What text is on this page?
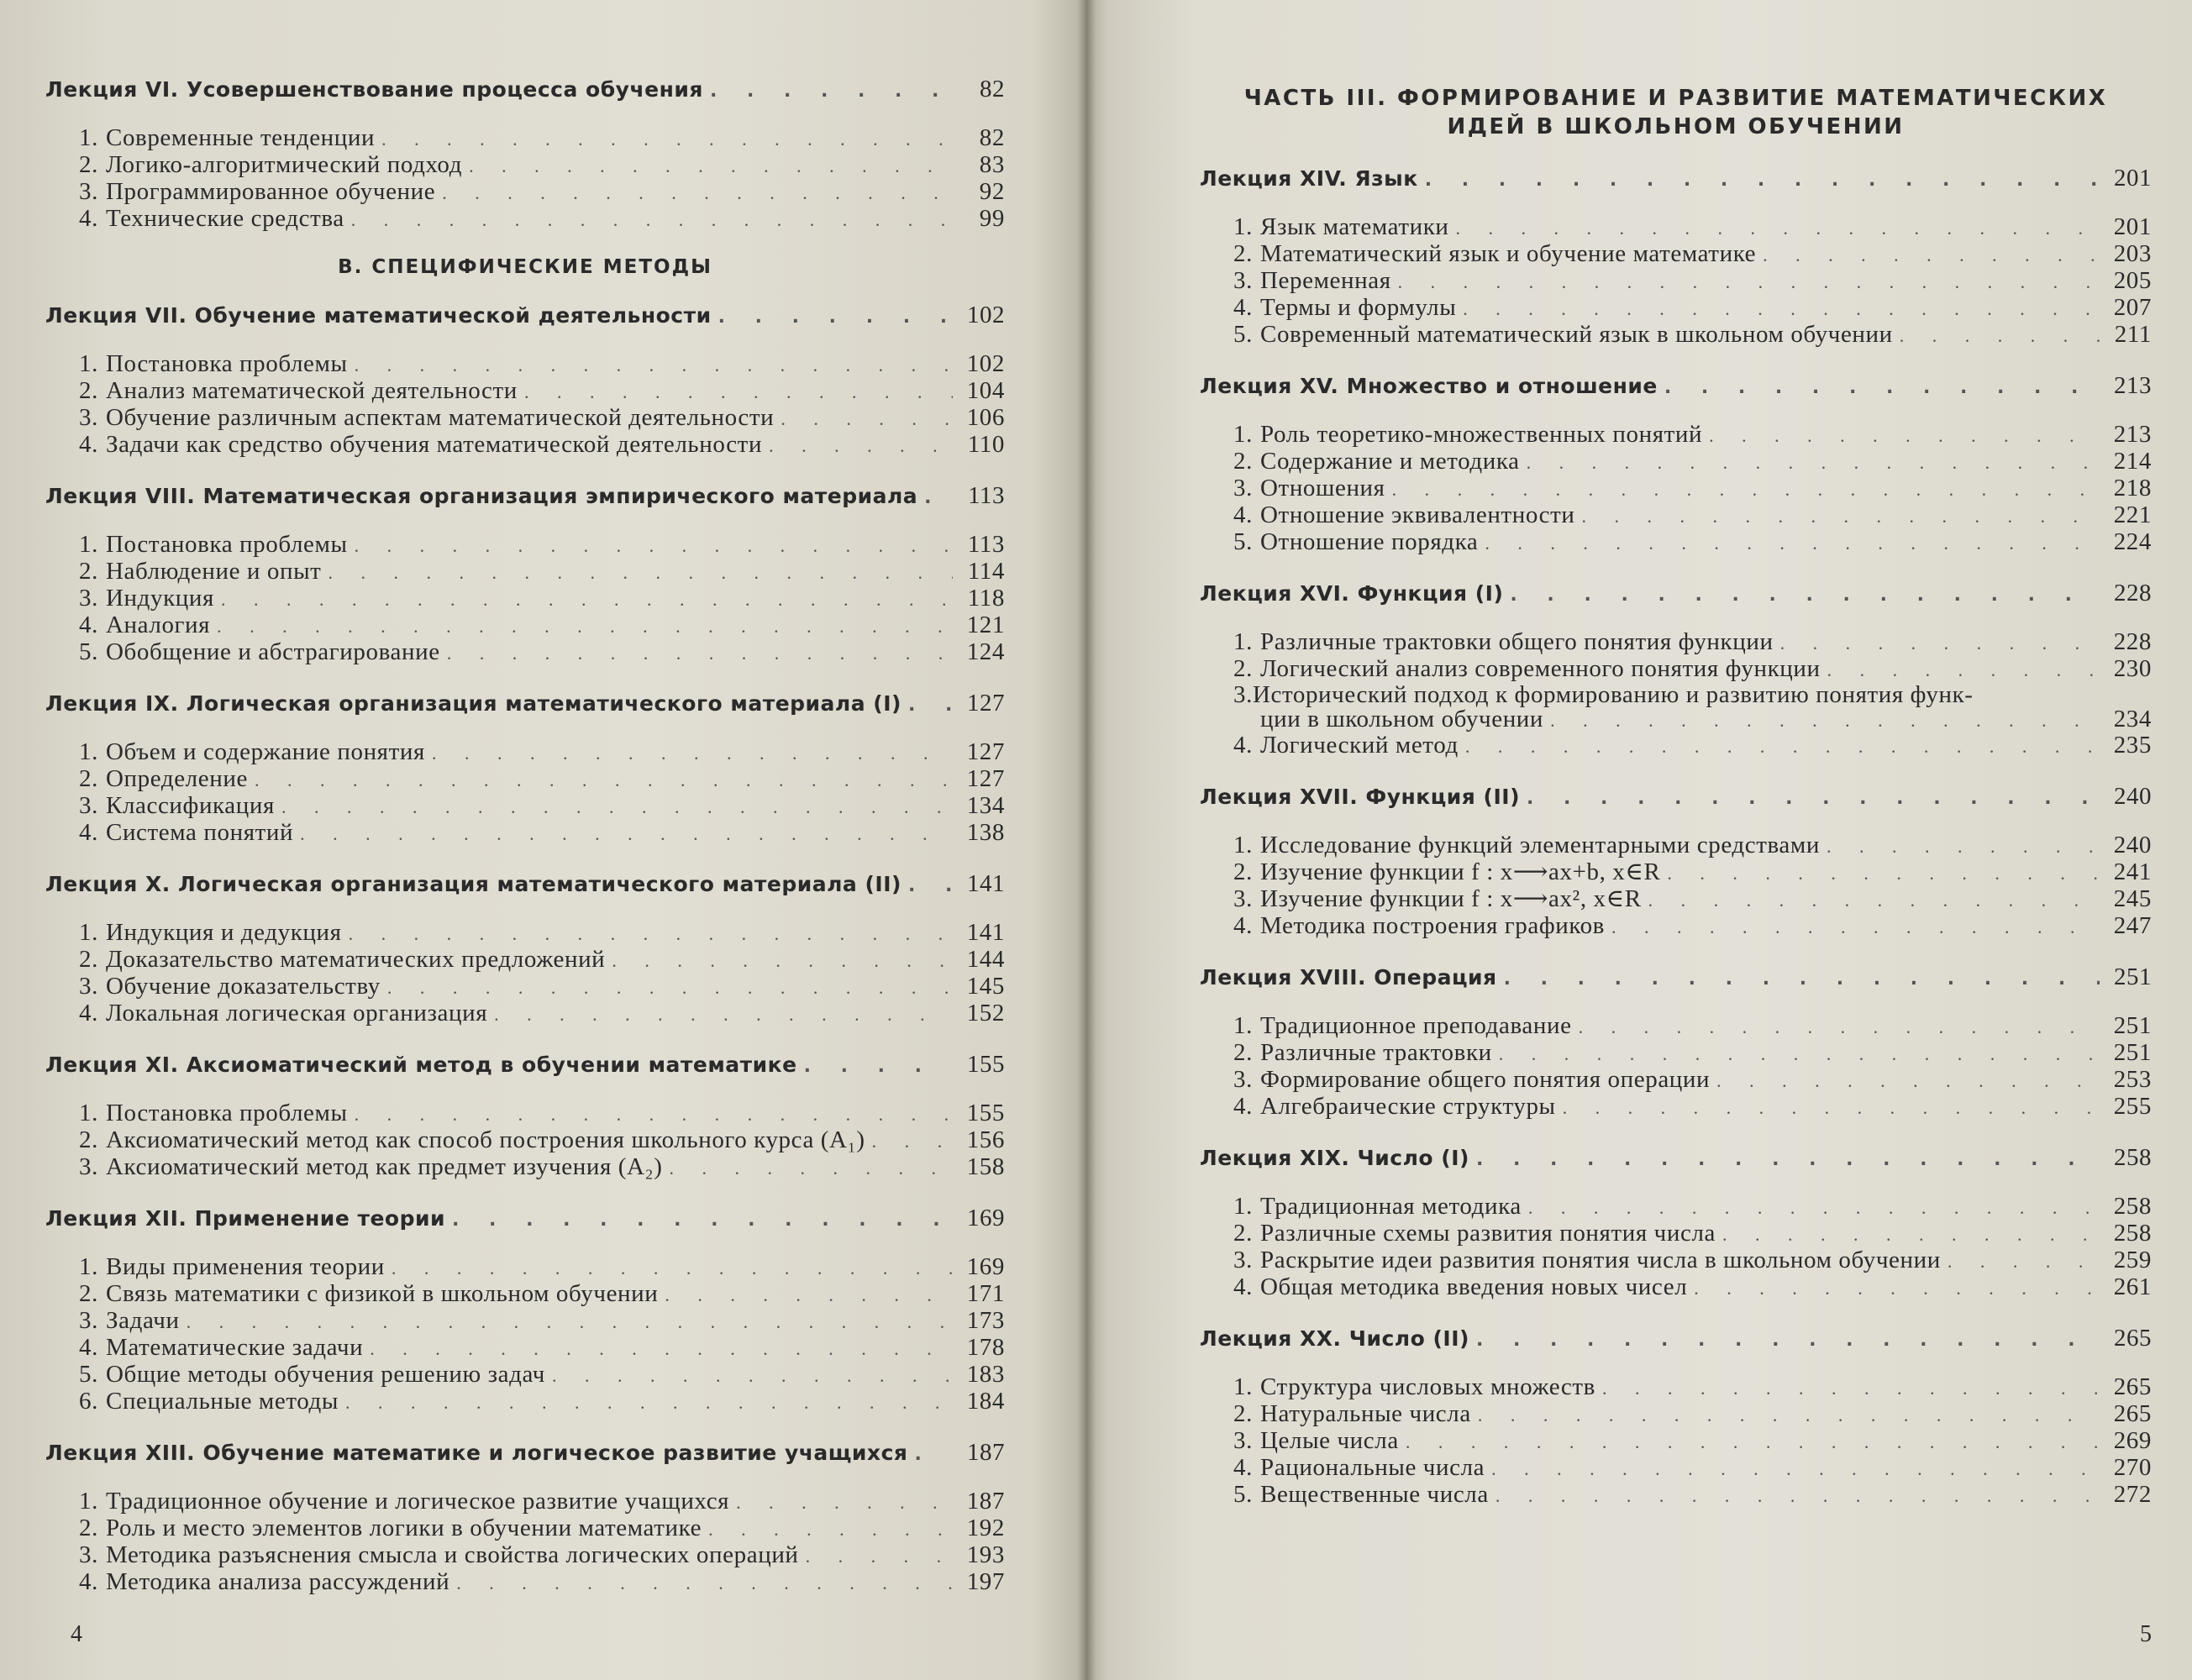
Лекция VI. Усовершенствование процесса обучения . . .	82
1. Современные тенденции . . .	82
2. Логико-алгоритмический подход . . .	83
3. Программированное обучение . . .	92
4. Технические средства . . .	99
В. СПЕЦИФИЧЕСКИЕ МЕТОДЫ
Лекция VII. Обучение математической деятельности . . .	102
1. Постановка проблемы . . .	102
2. Анализ математической деятельности . . .	104
3. Обучение различным аспектам математической деятельности . . .	106
4. Задачи как средство обучения математической деятельности . . .	110
Лекция VIII. Математическая организация эмпирического материала . . .	113
1. Постановка проблемы . . .	113
2. Наблюдение и опыт . . .	114
3. Индукция . . .	118
4. Аналогия . . .	121
5. Обобщение и абстрагирование . . .	124
Лекция IX. Логическая организация математического материала (I) . . .	127
1. Объем и содержание понятия . . .	127
2. Определение . . .	127
3. Классификация . . .	134
4. Система понятий . . .	138
Лекция X. Логическая организация математического материала (II) . . .	141
1. Индукция и дедукция . . .	141
2. Доказательство математических предложений . . .	144
3. Обучение доказательству . . .	145
4. Локальная логическая организация . . .	152
Лекция XI. Аксиоматический метод в обучении математике . . .	155
1. Постановка проблемы . . .	155
2. Аксиоматический метод как способ построения школьного курса (A₁) . . .	156
3. Аксиоматический метод как предмет изучения (A₂) . . .	158
Лекция XII. Применение теории . . .	169
1. Виды применения теории . . .	169
2. Связь математики с физикой в школьном обучении . . .	171
3. Задачи . . .	173
4. Математические задачи . . .	178
5. Общие методы обучения решению задач . . .	183
6. Специальные методы . . .	184
Лекция XIII. Обучение математике и логическое развитие учащихся . . .	187
1. Традиционное обучение и логическое развитие учащихся . . .	187
2. Роль и место элементов логики в обучении математике . . .	192
3. Методика разъяснения смысла и свойства логических операций . . .	193
4. Методика анализа рассуждений . . .	197
4
ЧАСТЬ III. ФОРМИРОВАНИЕ И РАЗВИТИЕ МАТЕМАТИЧЕСКИХ
ИДЕЙ В ШКОЛЬНОМ ОБУЧЕНИИ
Лекция XIV. Язык . . .	201
1. Язык математики . . .	201
2. Математический язык и обучение математике . . .	203
3. Переменная . . .	205
4. Термы и формулы . . .	207
5. Современный математический язык в школьном обучении . . .	211
Лекция XV. Множество и отношение . . .	213
1. Роль теоретико-множественных понятий . . .	213
2. Содержание и методика . . .	214
3. Отношения . . .	218
4. Отношение эквивалентности . . .	221
5. Отношение порядка . . .	224
Лекция XVI. Функция (I) . . .	228
1. Различные трактовки общего понятия функции . . .	228
2. Логический анализ современного понятия функции . . .	230
3.Исторический подход к формированию и развитию понятия функ-
ции в школьном обучении . . .	234
4. Логический метод . . .	235
Лекция XVII. Функция (II) . . .	240
1. Исследование функций элементарными средствами . . .	240
2. Изучение функции f : x⟶ax+b, x∈R . . .	241
3. Изучение функции f : x⟶ax², x∈R . . .	245
4. Методика построения графиков . . .	247
Лекция XVIII. Операция . . .	251
1. Традиционное преподавание . . .	251
2. Различные трактовки . . .	251
3. Формирование общего понятия операции . . .	253
4. Алгебраические структуры . . .	255
Лекция XIX. Число (I) . . .	258
1. Традиционная методика . . .	258
2. Различные схемы развития понятия числа . . .	258
3. Раскрытие идеи развития понятия числа в школьном обучении . . .	259
4. Общая методика введения новых чисел . . .	261
Лекция XX. Число (II) . . .	265
1. Структура числовых множеств . . .	265
2. Натуральные числа . . .	265
3. Целые числа . . .	269
4. Рациональные числа . . .	270
5. Вещественные числа . . .	272
5
